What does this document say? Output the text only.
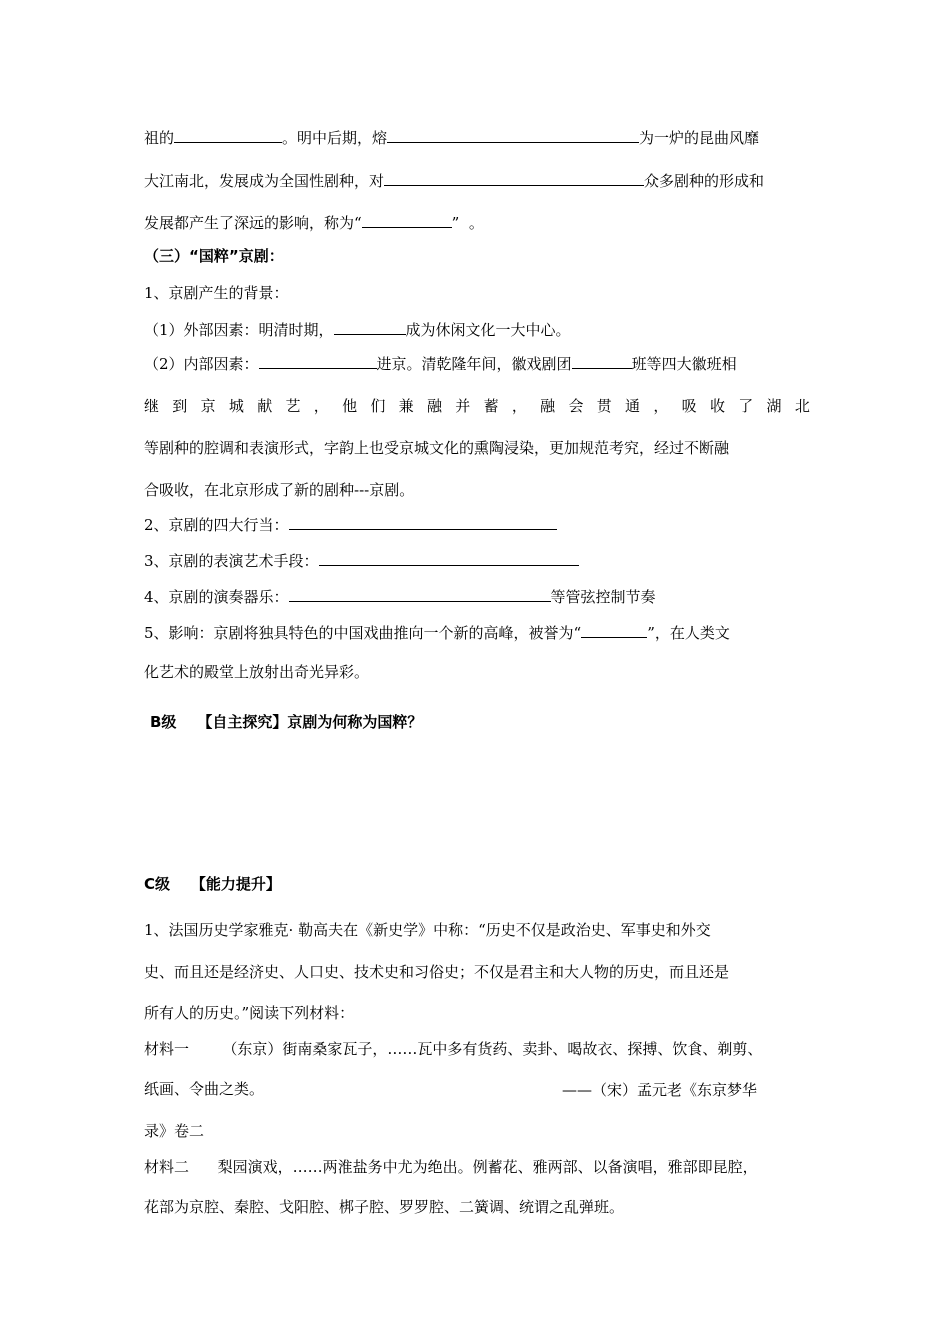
祖的	。明中后期，熔	为一炉的昆曲风靡
大江南北，发展成为全国性剧种，对	众多剧种的形成和
发展都产生了深远的影响，称为“	” 。
（三）“国粹”京剧：
1、京剧产生的背景：
（1）外部因素：明清时期，	成为休闲文化一大中心。
（2）内部因素：	进京。清乾隆年间，徽戏剧团	班等四大徽班相
继 到 京 城 献 艺 ， 他 们 兼 融 并 蓄 ， 融 会 贯 通 ， 吸 收 了 湖 北
等剧种的腔调和表演形式，字韵上也受京城文化的熏陶浸染，更加规范考究，经过不断融
合吸收，在北京形成了新的剧种---京剧。
2、京剧的四大行当：
3、京剧的表演艺术手段：
4、京剧的演奏器乐：	等管弦控制节奏
5、影响：京剧将独具特色的中国戏曲推向一个新的高峰，被誉为“	”，在人类文
化艺术的殿堂上放射出奇光异彩。
B级 【自主探究】京剧为何称为国粹？
C级 【能力提升】
1、法国历史学家雅克· 勒高夫在《新史学》中称：“历史不仅是政治史、军事史和外交
史、而且还是经济史、人口史、技术史和习俗史；不仅是君主和大人物的历史，而且还是
所有人的历史。”阅读下列材料：
材料一 （东京）街南桑家瓦子，……瓦中多有货药、卖卦、喝故衣、探搏、饮食、剃剪、
纸画、令曲之类。	——（宋）孟元老《东京梦华
录》卷二
材料二 梨园演戏，……两淮盐务中尤为绝出。例蓄花、雅两部、以备演唱，雅部即昆腔，
花部为京腔、秦腔、戈阳腔、梆子腔、罗罗腔、二簧调、统谓之乱弹班。
